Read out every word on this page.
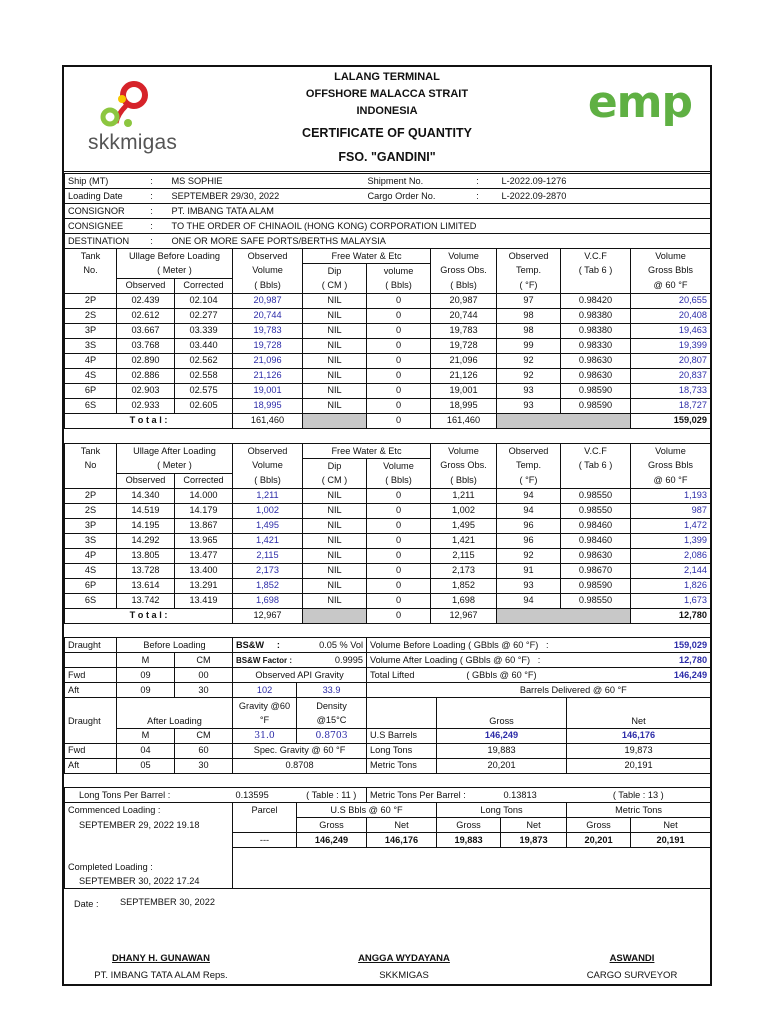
skkmigas
LALANG TERMINAL
OFFSHORE MALACCA STRAIT
INDONESIA
CERTIFICATE OF QUANTITY
FSO. "GANDINI"
emp
Ship (MT)	:	MS SOPHIE	Shipment No.	:	L-2022.09-1276
Loading Date	:	SEPTEMBER 29/30, 2022	Cargo Order No.	:	L-2022.09-2870
CONSIGNOR	:	PT. IMBANG TATA ALAM			
CONSIGNEE	:	TO THE ORDER OF CHINAOIL (HONG KONG) CORPORATION LIMITED			
DESTINATION	:	ONE OR MORE SAFE PORTS/BERTHS MALAYSIA			
Tank	Ullage Before Loading		Observed	Free Water & Etc		Volume	Observed	V.C.F	Volume
No.	( Meter )		Volume	Dip	volume	Gross Obs.	Temp.	( Tab 6 )	Gross Bbls
	Observed	Corrected	( Bbls)	( CM )	( Bbls)	( Bbls)	( °F)		@ 60 °F
2P	02.439	02.104	20,987	NIL	0	20,987	97	0.98420	20,655
2S	02.612	02.277	20,744	NIL	0	20,744	98	0.98380	20,408
3P	03.667	03.339	19,783	NIL	0	19,783	98	0.98380	19,463
3S	03.768	03.440	19,728	NIL	0	19,728	99	0.98330	19,399
4P	02.890	02.562	21,096	NIL	0	21,096	92	0.98630	20,807
4S	02.886	02.558	21,126	NIL	0	21,126	92	0.98630	20,837
6P	02.903	02.575	19,001	NIL	0	19,001	93	0.98590	18,733
6S	02.933	02.605	18,995	NIL	0	18,995	93	0.98590	18,727
T o t a l :			161,460		0	161,460			159,029
Tank	Ullage After Loading		Observed	Free Water & Etc		Volume	Observed	V.C.F	Volume
No	( Meter )		Volume	Dip	Volume	Gross Obs.	Temp.	( Tab 6 )	Gross Bbls
	Observed	Corrected	( Bbls)	( CM )	( Bbls)	( Bbls)	( °F)		@ 60 °F
2P	14.340	14.000	1,211	NIL	0	1,211	94	0.98550	1,193
2S	14.519	14.179	1,002	NIL	0	1,002	94	0.98550	987
3P	14.195	13.867	1,495	NIL	0	1,495	96	0.98460	1,472
3S	14.292	13.965	1,421	NIL	0	1,421	96	0.98460	1,399
4P	13.805	13.477	2,115	NIL	0	2,115	92	0.98630	2,086
4S	13.728	13.400	2,173	NIL	0	2,173	91	0.98670	2,144
6P	13.614	13.291	1,852	NIL	0	1,852	93	0.98590	1,826
6S	13.742	13.419	1,698	NIL	0	1,698	94	0.98550	1,673
T o t a l :			12,967		0	12,967			12,780
Draught	Before Loading		BS&W :	0.05 % Vol	Volume Before Loading ( GBbls @ 60 °F) :			159,029
	M	CM	BS&W Factor :	0.9995	Volume After Loading ( GBbls @ 60 °F) :			12,780
Fwd	09	00	Observed API Gravity		Total Lifted	( GBbls @ 60 °F)		146,249
Aft	09	30	102	33.9		Barrels Delivered @ 60 °F		
Draught	After Loading		Gravity @60 °F	Density @15°C		Gross	Net	
	M	CM	31.0	0.8703	U.S Barrels	146,249	146,176	
Fwd	04	60	Spec. Gravity @ 60 °F		Long Tons	19,883	19,873	
Aft	05	30	0.8708		Metric Tons	20,201	20,191	
Long Tons Per Barrel :	0.13595	( Table : 11 )	Metric Tons Per Barrel :		0.13813	( Table : 13 )	
Commenced Loading :	Parcel	U.S Bbls @ 60 °F		Long Tons		Metric Tons	
SEPTEMBER 29, 2022 19.18		Gross	Net	Gross	Net	Gross	Net
	---	146,249	146,176	19,883	19,873	20,201	20,191

Completed Loading :							
SEPTEMBER 30, 2022 17.24							
Date : SEPTEMBER 30, 2022
DHANY H. GUNAWAN
PT. IMBANG TATA ALAM Reps.
ANGGA WYDAYANA
SKKMIGAS
ASWANDI
CARGO SURVEYOR
